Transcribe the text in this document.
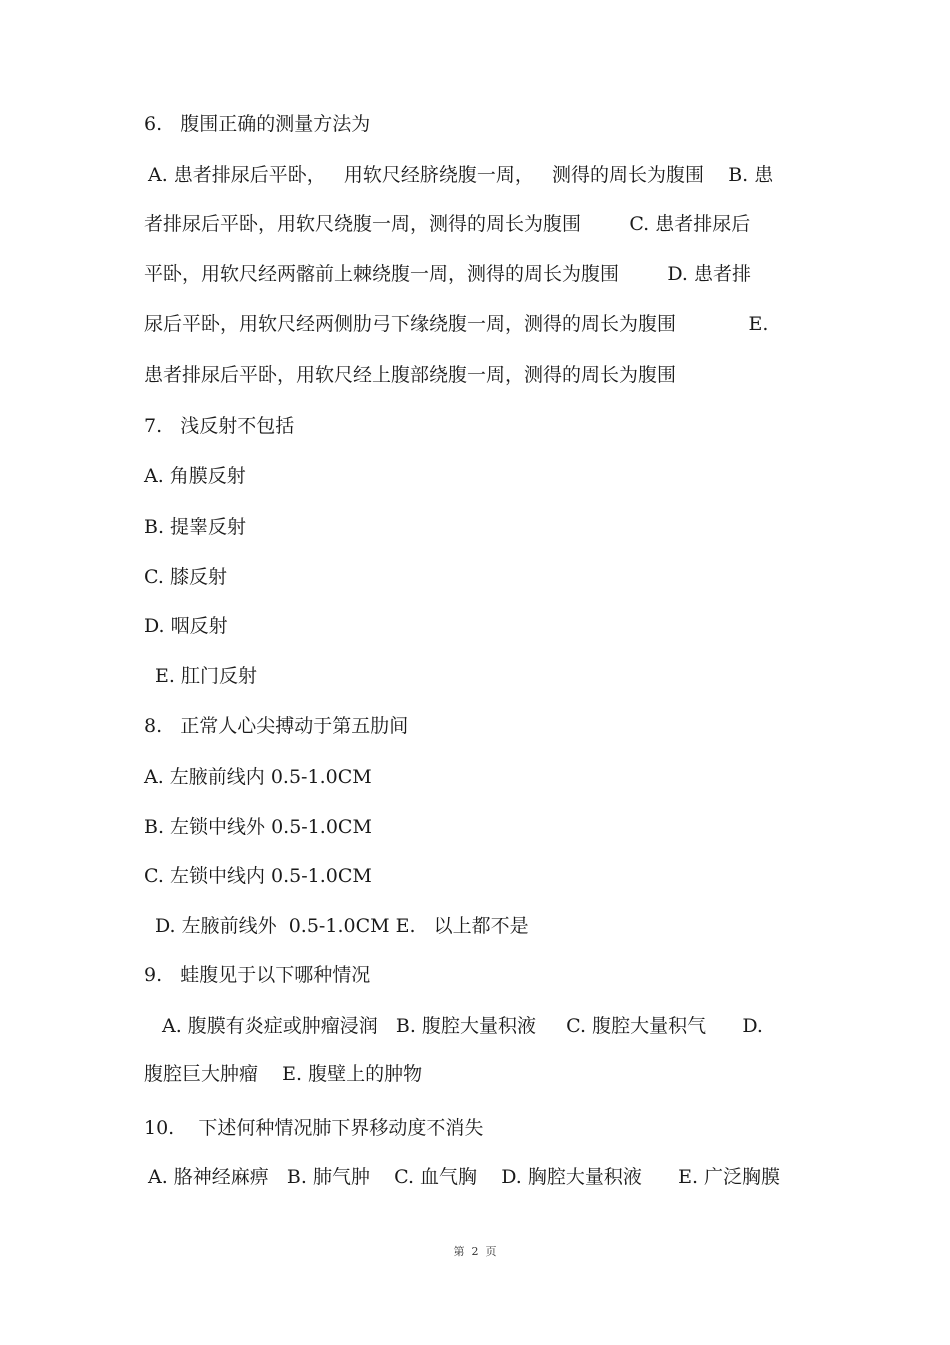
6.   腹围正确的测量方法为
A. 患者排尿后平卧，   用软尺经脐绕腹一周，   测得的周长为腹围    B. 患
者排尿后平卧，用软尺绕腹一周，测得的周长为腹围        C. 患者排尿后
平卧，用软尺经两髂前上棘绕腹一周，测得的周长为腹围        D. 患者排
尿后平卧，用软尺经两侧肋弓下缘绕腹一周，测得的周长为腹围            E.
患者排尿后平卧，用软尺经上腹部绕腹一周，测得的周长为腹围
7.   浅反射不包括
A. 角膜反射
B. 提睾反射
C. 膝反射
D. 咽反射
E. 肛门反射
8.   正常人心尖搏动于第五肋间
A. 左腋前线内 0.5-1.0CM
B. 左锁中线外 0.5-1.0CM
C. 左锁中线内 0.5-1.0CM
D. 左腋前线外  0.5-1.0CM E.   以上都不是
9.   蛙腹见于以下哪种情况
A. 腹膜有炎症或肿瘤浸润   B. 腹腔大量积液     C. 腹腔大量积气      D.
腹腔巨大肿瘤    E. 腹壁上的肿物
10.    下述何种情况肺下界移动度不消失
A. 胳神经麻痹   B. 肺气肿    C. 血气胸    D. 胸腔大量积液      E. 广泛胸膜
第  2  页
